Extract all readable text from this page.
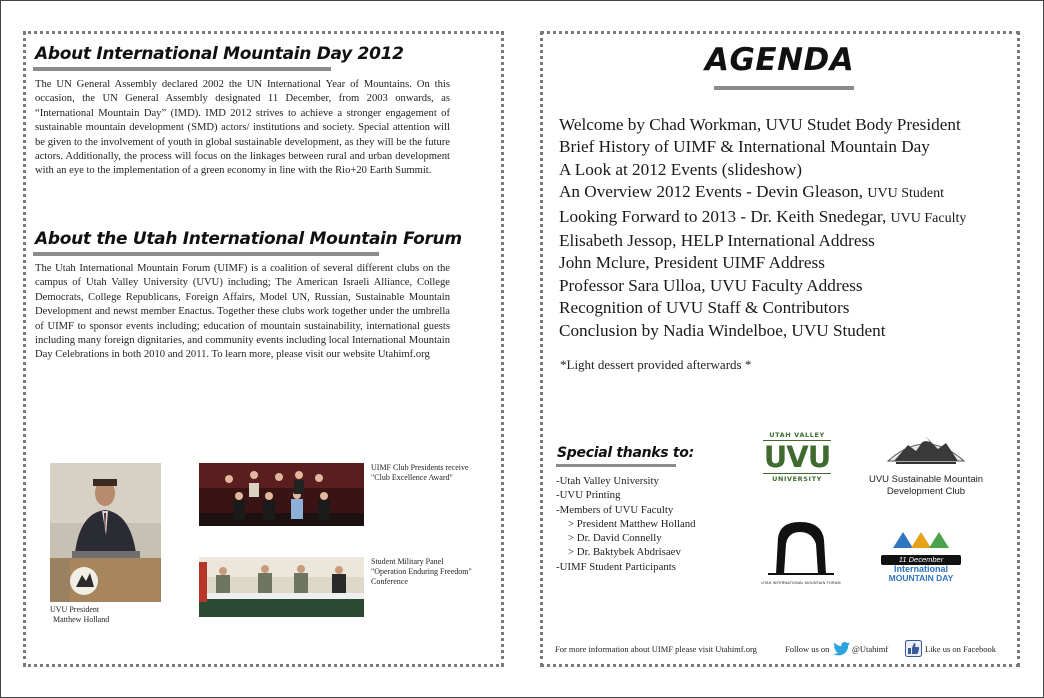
About International Mountain Day 2012

The UN General Assembly declared 2002 the UN International Year of Mountains. On this occasion, the UN General Assembly designated 11 December, from 2003 onwards, as “International Mountain Day” (IMD). IMD 2012 strives to achieve a stronger engagement of sustainable mountain development (SMD) actors/ institutions and society. Special attention will be given to the involvement of youth in global sustainable development, as they will be the future actors. Additionally, the process will focus on the linkages between rural and urban development with an eye to the implementation of a green economy in line with the Rio+20 Earth Summit.

About the Utah International Mountain Forum

The Utah International Mountain Forum (UIMF) is a coalition of several different clubs on the campus of Utah Valley University (UVU) including; The American Israeli Alliance, College Democrats, College Republicans, Foreign Affairs, Model UN, Russian, Sustainable Mountain Development and newst member Enactus. Together these clubs work together under the umbrella of UIMF to sponsor events including; education of mountain sustainability, international guests including many foreign dignitaries, and community events including local International Mountain Day Celebrations in both 2010 and 2011. To learn more, please visit our website Utahimf.org

UVU President
Matthew Holland

UIMF Club Presidents receive
"Club Excellence Award"

Student Military Panel
"Operation Enduring Freedom"
Conference

AGENDA
Welcome by Chad Workman, UVU Studet Body President
Brief History of UIMF & International Mountain Day
A Look at 2012 Events (slideshow)
An Overview 2012 Events - Devin Gleason, UVU Student
Looking Forward to 2013 - Dr. Keith Snedegar, UVU Faculty
Elisabeth Jessop, HELP International Address
John Mclure, President UIMF Address
Professor Sara Ulloa, UVU Faculty Address
Recognition of UVU Staff & Contributors
Conclusion by Nadia Windelboe, UVU Student

*Light dessert provided afterwards *

Special thanks to:
-Utah Valley University
-UVU Printing
-Members of UVU Faculty
> President Matthew Holland
> Dr. David Connelly
> Dr. Baktybek Abdrisaev
-UIMF Student Participants
UTAH VALLEY
UVU
UNIVERSITY	UVU Sustainable Mountain
Development Club
UTAH INTERNATIONAL MOUNTAIN FORUM
11 December
International
MOUNTAIN DAY

For more information about UIMF please visit Utahimf.org	Follow us on	@Utahimf	Like us on Facebook
